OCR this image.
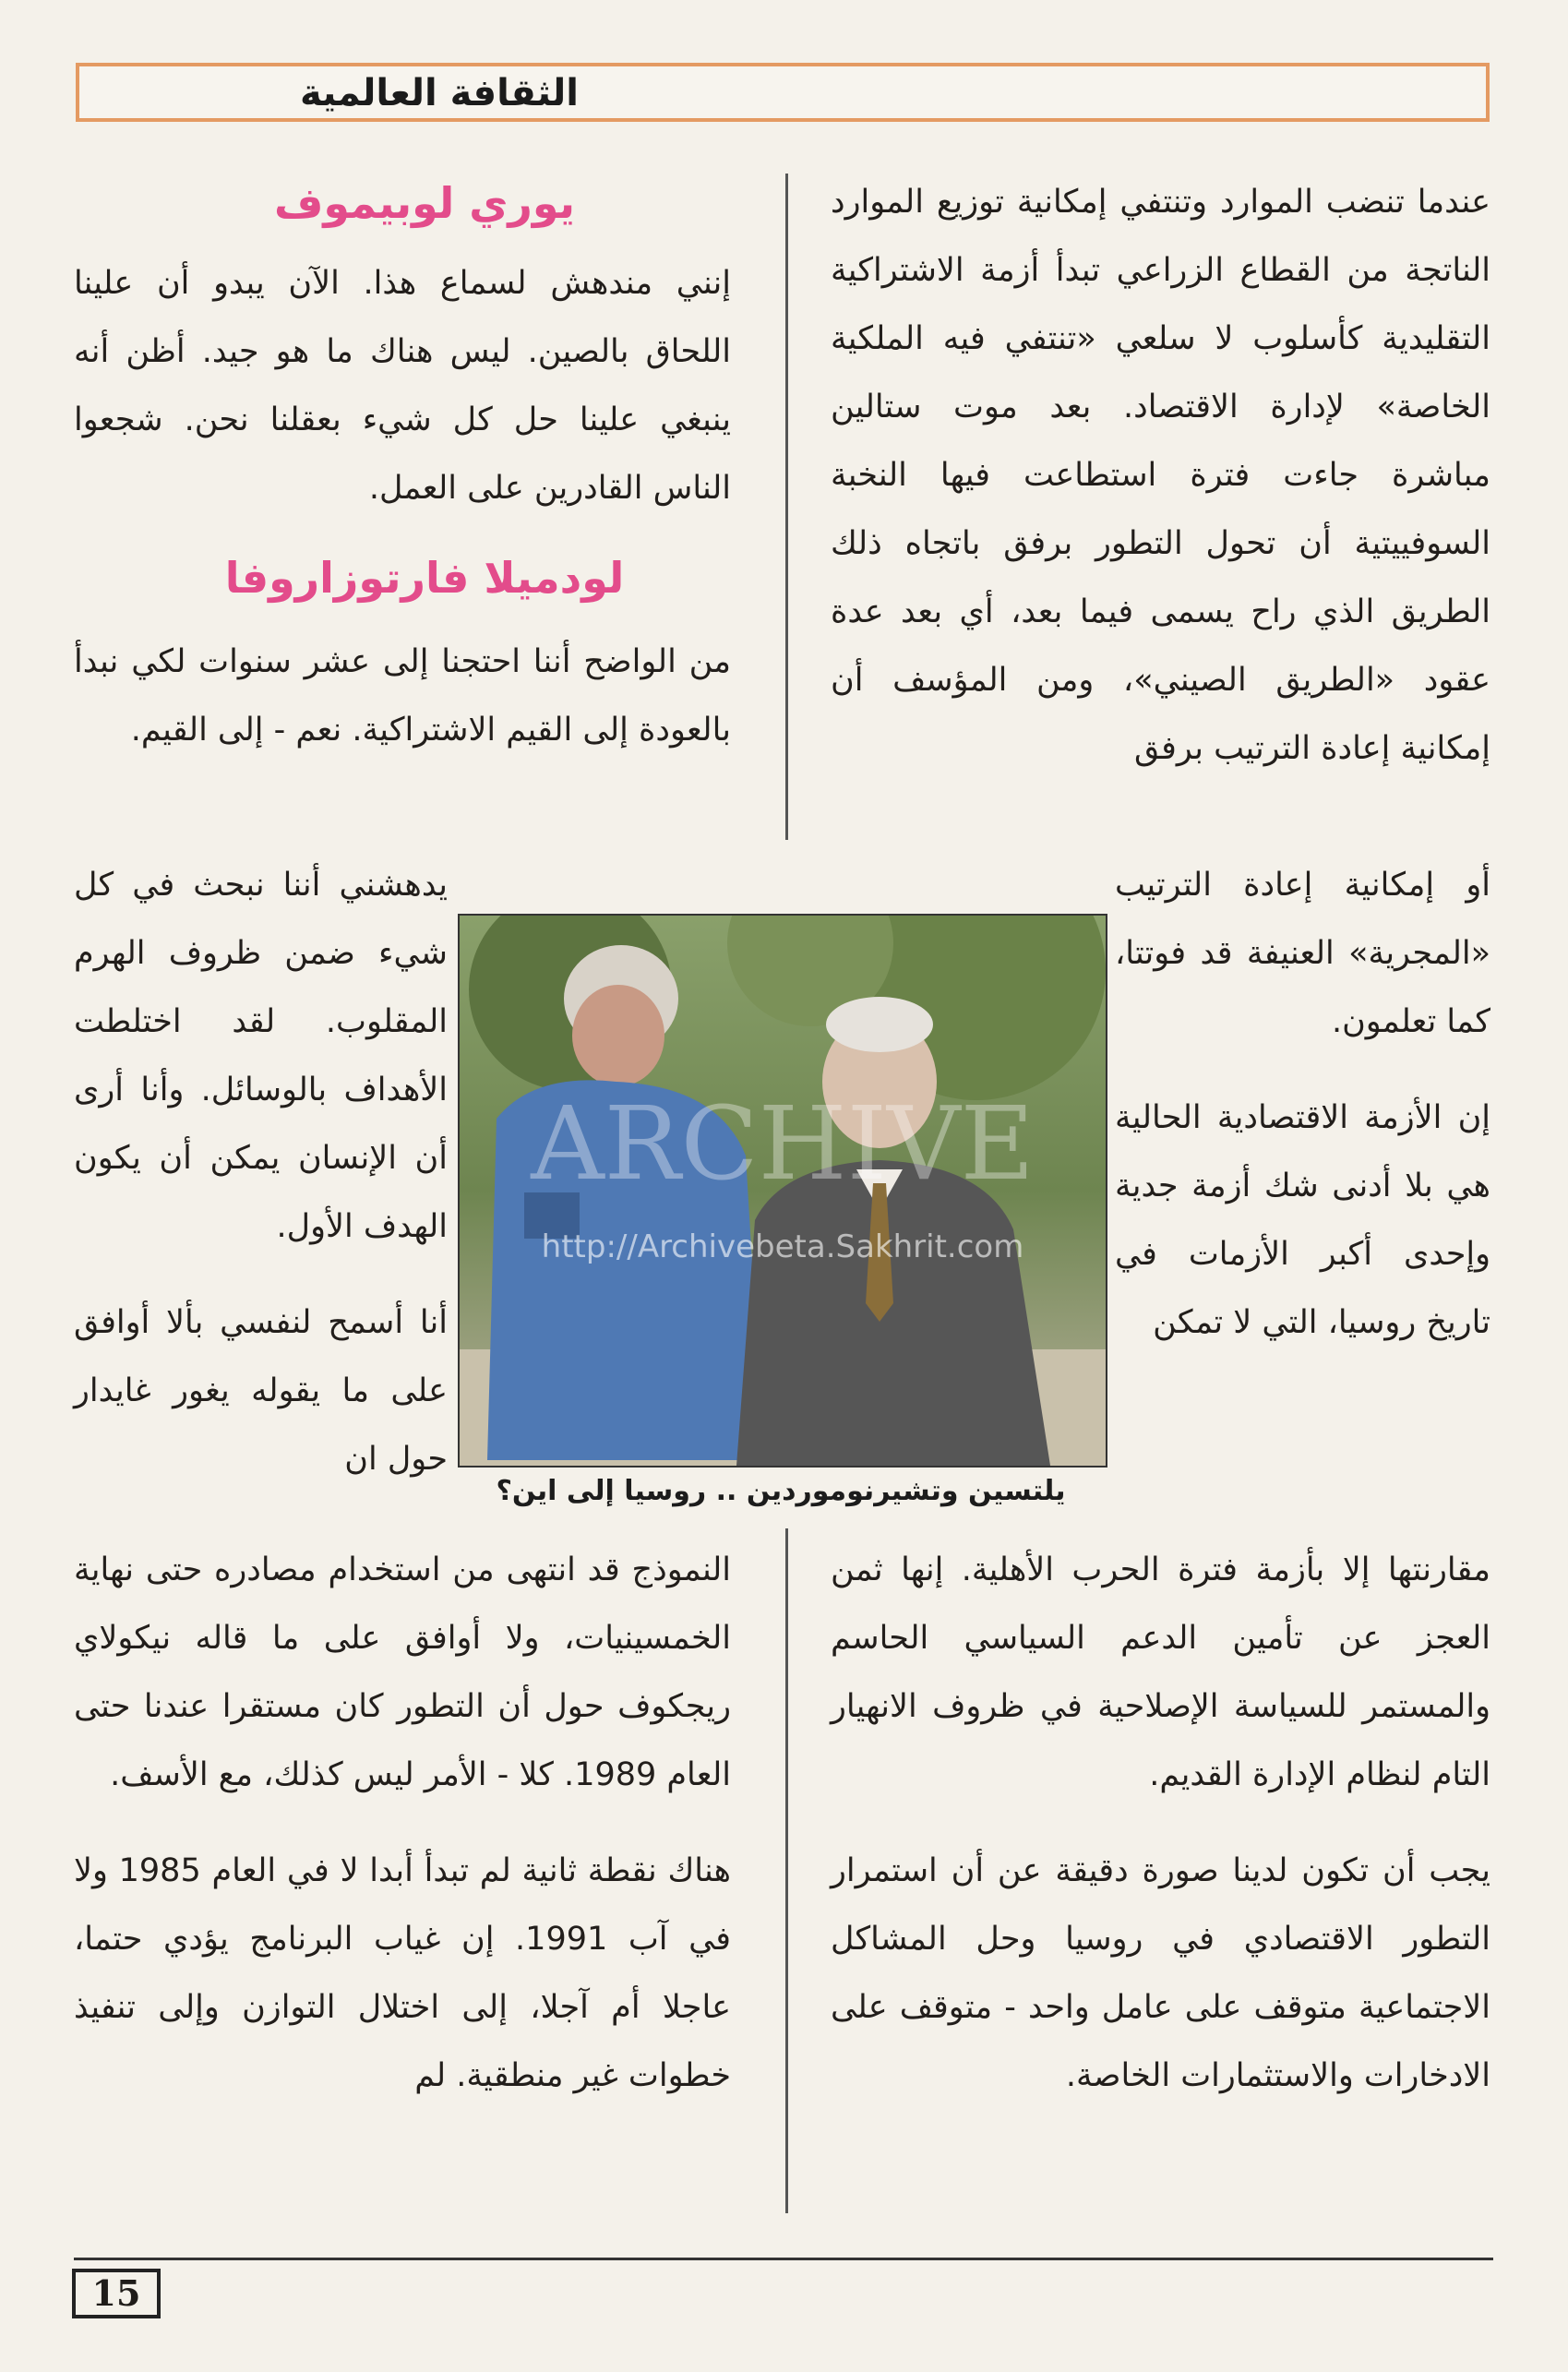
الثقافة العالمية

عندما تنضب الموارد وتنتفي إمكانية توزيع الموارد الناتجة من القطاع الزراعي تبدأ أزمة الاشتراكية التقليدية كأسلوب لا سلعي «تنتفي فيه الملكية الخاصة» لإدارة الاقتصاد. بعد موت ستالين مباشرة جاءت فترة استطاعت فيها النخبة السوفييتية أن تحول التطور برفق باتجاه ذلك الطريق الذي راح يسمى فيما بعد، أي بعد عدة عقود «الطريق الصيني»، ومن المؤسف أن إمكانية إعادة الترتيب برفق

أو إمكانية إعادة الترتيب «المجرية» العنيفة قد فوتتا، كما تعلمون.

إن الأزمة الاقتصادية الحالية هي بلا أدنى شك أزمة جدية وإحدى أكبر الأزمات في تاريخ روسيا، التي لا تمكن

مقارنتها إلا بأزمة فترة الحرب الأهلية. إنها ثمن العجز عن تأمين الدعم السياسي الحاسم والمستمر للسياسة الإصلاحية في ظروف الانهيار التام لنظام الإدارة القديم.

يجب أن تكون لدينا صورة دقيقة عن أن استمرار التطور الاقتصادي في روسيا وحل المشاكل الاجتماعية متوقف على عامل واحد - متوقف على الادخارات والاستثمارات الخاصة.

يوري لوبيموف

إنني مندهش لسماع هذا. الآن يبدو أن علينا اللحاق بالصين. ليس هناك ما هو جيد. أظن أنه ينبغي علينا حل كل شيء بعقلنا نحن. شجعوا الناس القادرين على العمل.

لودميلا فارتوزاروفا

من الواضح أننا احتجنا إلى عشر سنوات لكي نبدأ بالعودة إلى القيم الاشتراكية. نعم - إلى القيم.

يدهشني أننا نبحث في كل شيء ضمن ظروف الهرم المقلوب. لقد اختلطت الأهداف بالوسائل. وأنا أرى أن الإنسان يمكن أن يكون الهدف الأول.

أنا أسمح لنفسي بألا أوافق على ما يقوله يغور غايدار حول ان

النموذج قد انتهى من استخدام مصادره حتى نهاية الخمسينيات، ولا أوافق على ما قاله نيكولاي ريجكوف حول أن التطور كان مستقرا عندنا حتى العام 1989. كلا - الأمر ليس كذلك، مع الأسف.

هناك نقطة ثانية لم تبدأ أبدا لا في العام 1985 ولا في آب 1991. إن غياب البرنامج يؤدي حتما، عاجلا أم آجلا، إلى اختلال التوازن وإلى تنفيذ خطوات غير منطقية. لم

ARCHIVE
http://Archivebeta.Sakhrit.com
يلتسين وتشيرنوموردين .. روسيا إلى اين؟
15
